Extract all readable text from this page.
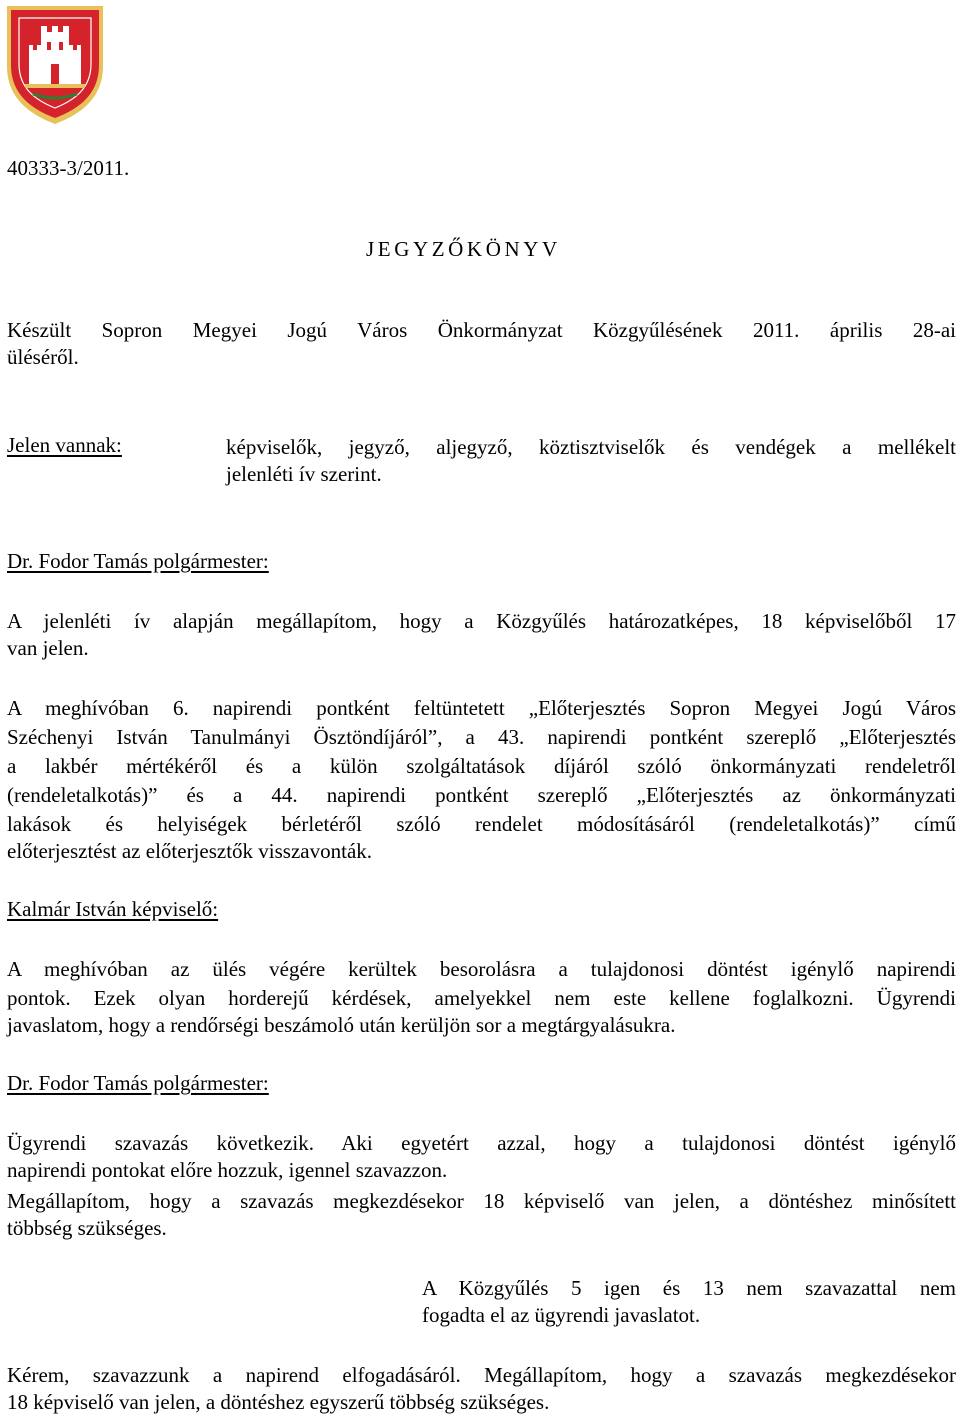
40333-3/2011.
JEGYZŐKÖNYV
Készült Sopron Megyei Jogú Város Önkormányzat Közgyűlésének 2011. április 28-ai
üléséről.
Jelen vannak:	képviselők, jegyző, aljegyző, köztisztviselők és vendégek a mellékelt
jelenléti ív szerint.
Dr. Fodor Tamás polgármester:
A jelenléti ív alapján megállapítom, hogy a Közgyűlés határozatképes, 18 képviselőből 17
van jelen.
A meghívóban 6. napirendi pontként feltüntetett „Előterjesztés Sopron Megyei Jogú Város
Széchenyi István Tanulmányi Ösztöndíjáról”, a 43. napirendi pontként szereplő „Előterjesztés
a lakbér mértékéről és a külön szolgáltatások díjáról szóló önkormányzati rendeletről
(rendeletalkotás)” és a 44. napirendi pontként szereplő „Előterjesztés az önkormányzati
lakások és helyiségek bérletéről szóló rendelet módosításáról (rendeletalkotás)” című
előterjesztést az előterjesztők visszavonták.
Kalmár István képviselő:
A meghívóban az ülés végére kerültek besorolásra a tulajdonosi döntést igénylő napirendi
pontok. Ezek olyan horderejű kérdések, amelyekkel nem este kellene foglalkozni. Ügyrendi
javaslatom, hogy a rendőrségi beszámoló után kerüljön sor a megtárgyalásukra.
Dr. Fodor Tamás polgármester:
Ügyrendi szavazás következik. Aki egyetért azzal, hogy a tulajdonosi döntést igénylő
napirendi pontokat előre hozzuk, igennel szavazzon.
Megállapítom, hogy a szavazás megkezdésekor 18 képviselő van jelen, a döntéshez minősített
többség szükséges.
A Közgyűlés 5 igen és 13 nem szavazattal nem
fogadta el az ügyrendi javaslatot.
Kérem, szavazzunk a napirend elfogadásáról. Megállapítom, hogy a szavazás megkezdésekor
18 képviselő van jelen, a döntéshez egyszerű többség szükséges.
